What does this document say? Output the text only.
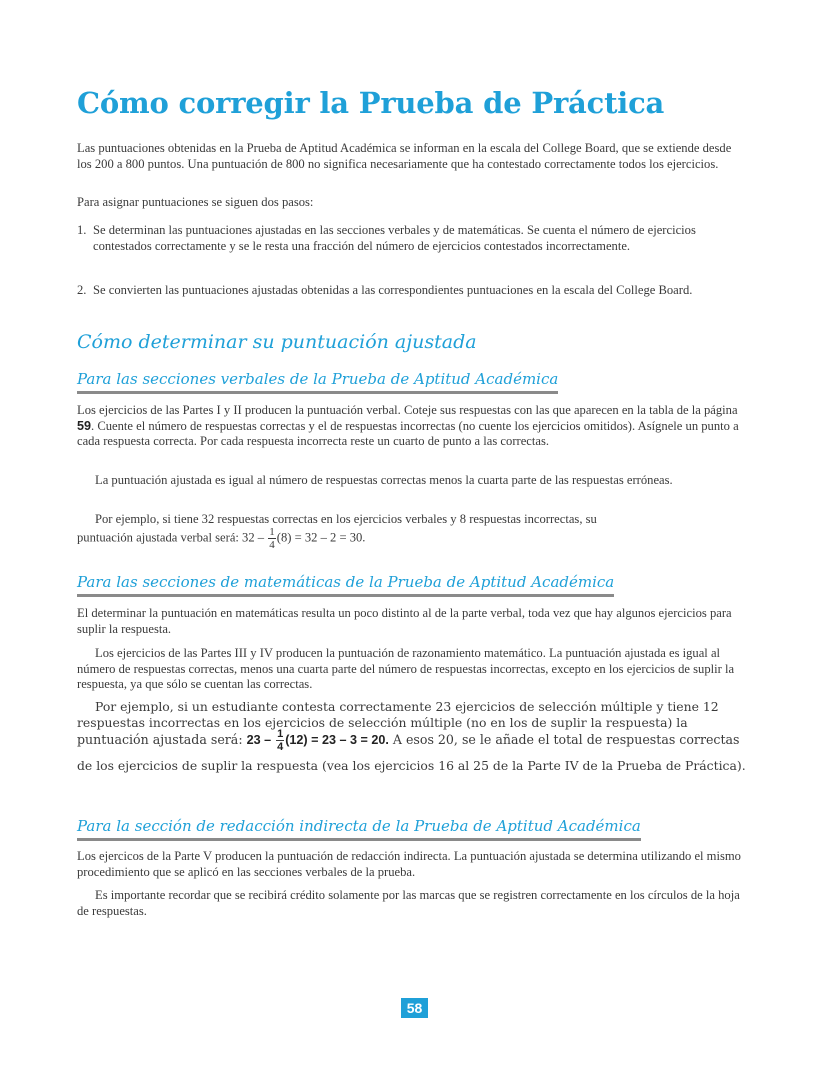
Cómo corregir la Prueba de Práctica

Las puntuaciones obtenidas en la Prueba de Aptitud Académica se informan en la escala del College Board, que se extiende desde los 200 a 800 puntos. Una puntuación de 800 no significa necesariamente que ha contestado correctamente todos los ejercicios.

Para asignar puntuaciones se siguen dos pasos:

1. Se determinan las puntuaciones ajustadas en las secciones verbales y de matemáticas. Se cuenta el número de ejercicios contestados correctamente y se le resta una fracción del número de ejercicios contestados incorrectamente.
2. Se convierten las puntuaciones ajustadas obtenidas a las correspondientes puntuaciones en la escala del College Board.
Cómo determinar su puntuación ajustada
Para las secciones verbales de la Prueba de Aptitud Académica

Los ejercicios de las Partes I y II producen la puntuación verbal. Coteje sus respuestas con las que aparecen en la tabla de la página 59. Cuente el número de respuestas correctas y el de respuestas incorrectas (no cuente los ejercicios omitidos). Asígnele un punto a cada respuesta correcta. Por cada respuesta incorrecta reste un cuarto de punto a las correctas.

La puntuación ajustada es igual al número de respuestas correctas menos la cuarta parte de las respuestas erróneas.

Por ejemplo, si tiene 32 respuestas correctas en los ejercicios verbales y 8 respuestas incorrectas, su

puntuación ajustada verbal será: $32 - \frac{1}{4} (8) = 32 - 2 = 30$.
Para las secciones de matemáticas de la Prueba de Aptitud Académica

El determinar la puntuación en matemáticas resulta un poco distinto al de la parte verbal, toda vez que hay algunos ejercicios para suplir la respuesta.

Los ejercicios de las Partes III y IV producen la puntuación de razonamiento matemático. La puntuación ajustada es igual al número de respuestas correctas, menos una cuarta parte del número de respuestas incorrectas, excepto en los ejercicios de suplir la respuesta, ya que sólo se cuentan las correctas.

Por ejemplo, si un estudiante contesta correctamente 23 ejercicios de selección múltiple y tiene 12 respuestas incorrectas en los ejercicios de selección múltiple (no en los de suplir la respuesta) la

puntuación ajustada será: $23 - \frac{1}{4} (12) = 23 - 3 = 20$. A esos 20, se le añade el total de respuestas correctas

de los ejercicios de suplir la respuesta (vea los ejercicios 16 al 25 de la Parte IV de la Prueba de Práctica).

Para la sección de redacción indirecta de la Prueba de Aptitud Académica

Los ejercicos de la Parte V producen la puntuación de redacción indirecta. La puntuación ajustada se determina utilizando el mismo procedimiento que se aplicó en las secciones verbales de la prueba.

Es importante recordar que se recibirá crédito solamente por las marcas que se registren correctamente en los círculos de la hoja de respuestas.

58
